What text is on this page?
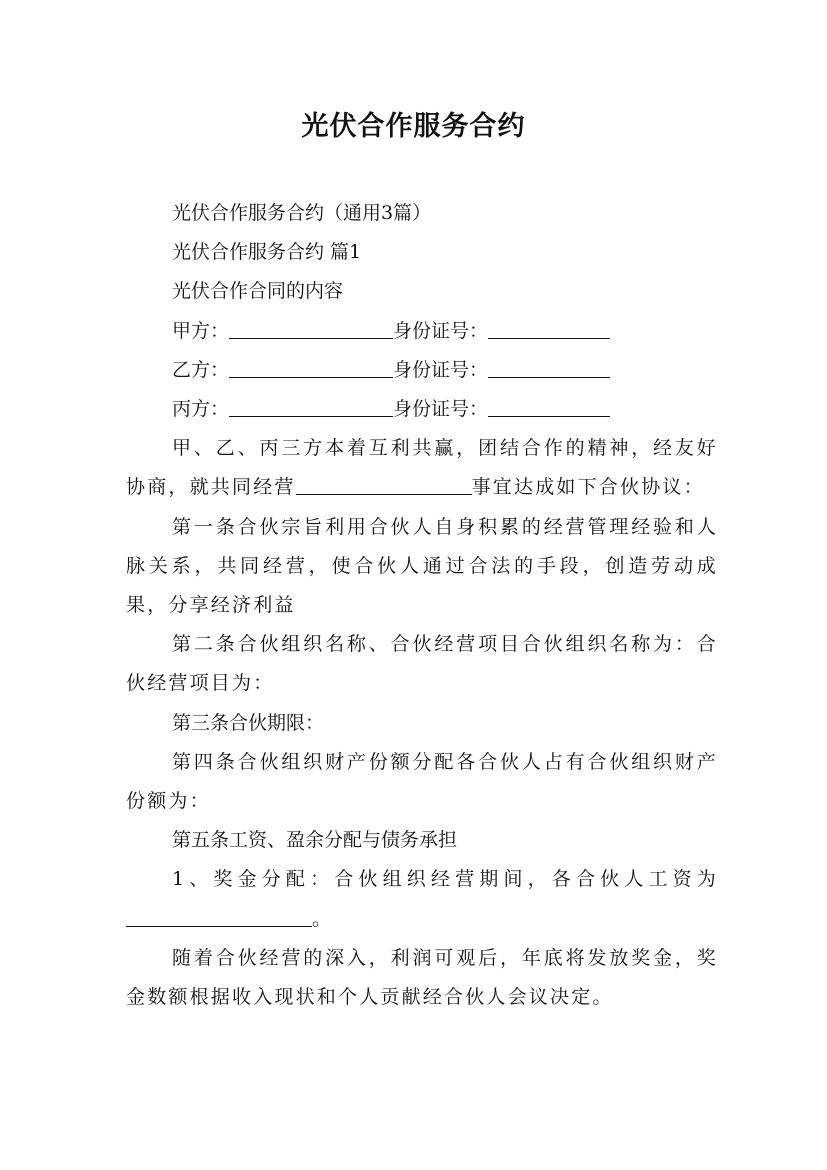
光伏合作服务合约

光伏合作服务合约（通用3篇）

光伏合作服务合约 篇1

光伏合作合同的内容

甲方：	身份证号：

乙方：	身份证号：

丙方：	身份证号：

甲、乙、丙三方本着互利共赢，团结合作的精神，经友好协商，就共同经营	事宜达成如下合伙协议：

第一条合伙宗旨利用合伙人自身积累的经营管理经验和人脉关系，共同经营，使合伙人通过合法的手段，创造劳动成果，分享经济利益

第二条合伙组织名称、合伙经营项目合伙组织名称为：合伙经营项目为：

第三条合伙期限：

第四条合伙组织财产份额分配各合伙人占有合伙组织财产份额为：

第五条工资、盈余分配与债务承担

1、奖金分配：合伙组织经营期间，各合伙人工资为。

随着合伙经营的深入，利润可观后，年底将发放奖金，奖金数额根据收入现状和个人贡献经合伙人会议决定。
